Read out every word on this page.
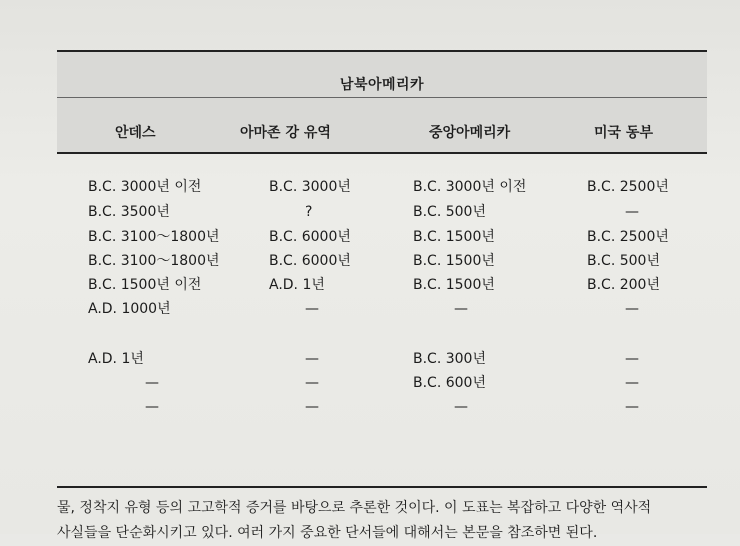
남북아메리카
안데스	아마존 강 유역	중앙아메리카	미국 동부
B.C. 3000년 이전	B.C. 3000년	B.C. 3000년 이전	B.C. 2500년
B.C. 3500년	?	B.C. 500년	—
B.C. 3100～1800년	B.C. 6000년	B.C. 1500년	B.C. 2500년
B.C. 3100～1800년	B.C. 6000년	B.C. 1500년	B.C. 500년
B.C. 1500년 이전	A.D. 1년	B.C. 1500년	B.C. 200년
A.D. 1000년	—	—	—
A.D. 1년	—	B.C. 300년	—
—	—	B.C. 600년	—
—	—	—	—

물, 정착지 유형 등의 고고학적 증거를 바탕으로 추론한 것이다. 이 도표는 복잡하고 다양한 역사적

사실들을 단순화시키고 있다. 여러 가지 중요한 단서들에 대해서는 본문을 참조하면 된다.
